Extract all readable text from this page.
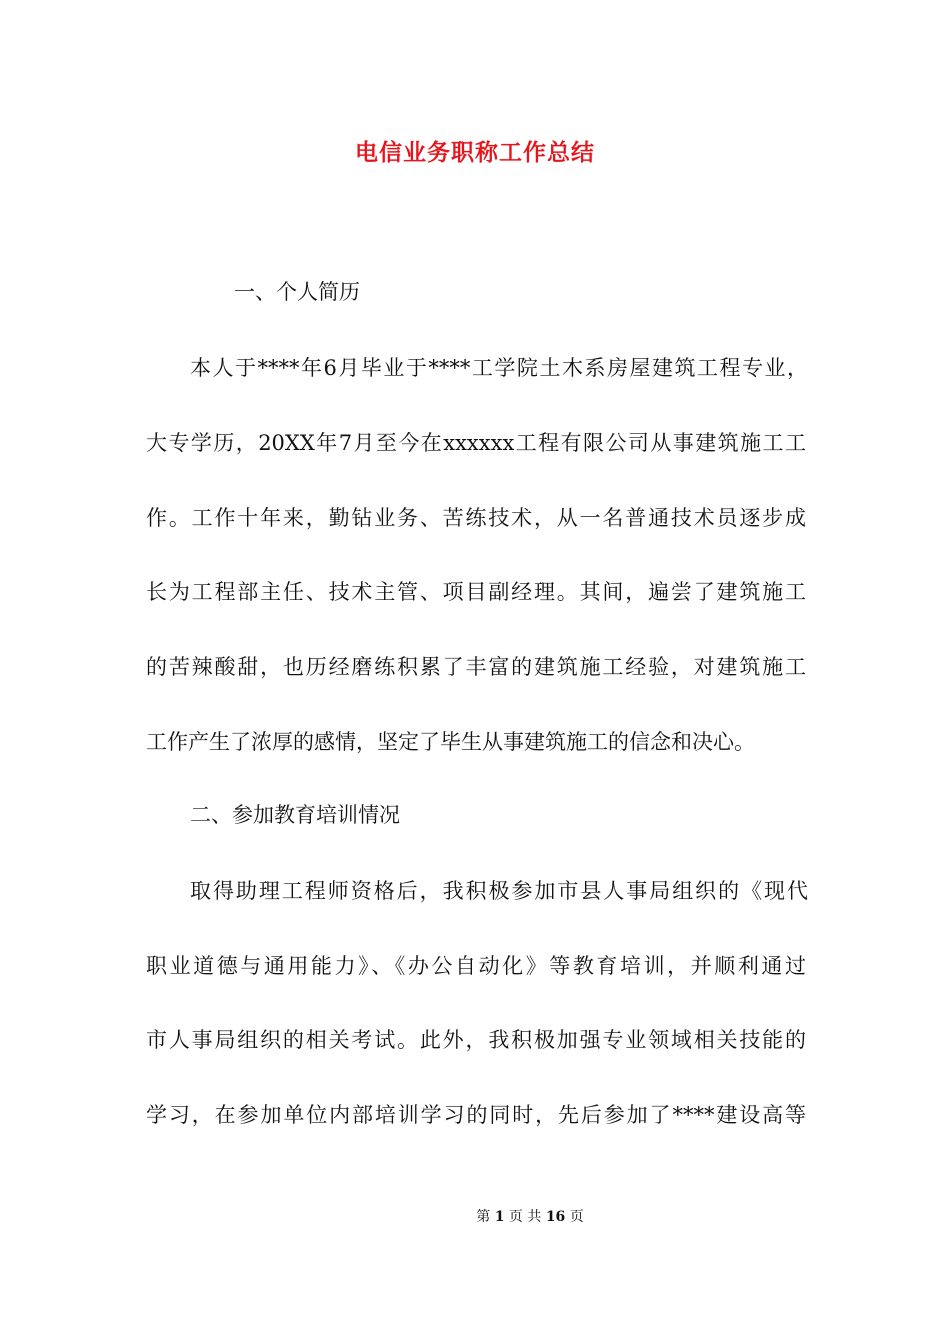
电信业务职称工作总结
一、个人简历
本人于****年6月毕业于****工学院土木系房屋建筑工程专业，
大专学历，20XX年7月至今在xxxxxx工程有限公司从事建筑施工工
作。工作十年来，勤钻业务、苦练技术，从一名普通技术员逐步成
长为工程部主任、技术主管、项目副经理。其间，遍尝了建筑施工
的苦辣酸甜，也历经磨练积累了丰富的建筑施工经验，对建筑施工
工作产生了浓厚的感情，坚定了毕生从事建筑施工的信念和决心。
二、参加教育培训情况
取得助理工程师资格后，我积极参加市县人事局组织的《现代
职业道德与通用能力》、《办公自动化》等教育培训，并顺利通过
市人事局组织的相关考试。此外，我积极加强专业领域相关技能的
学习，在参加单位内部培训学习的同时，先后参加了****建设高等
第 1 页 共 16 页
